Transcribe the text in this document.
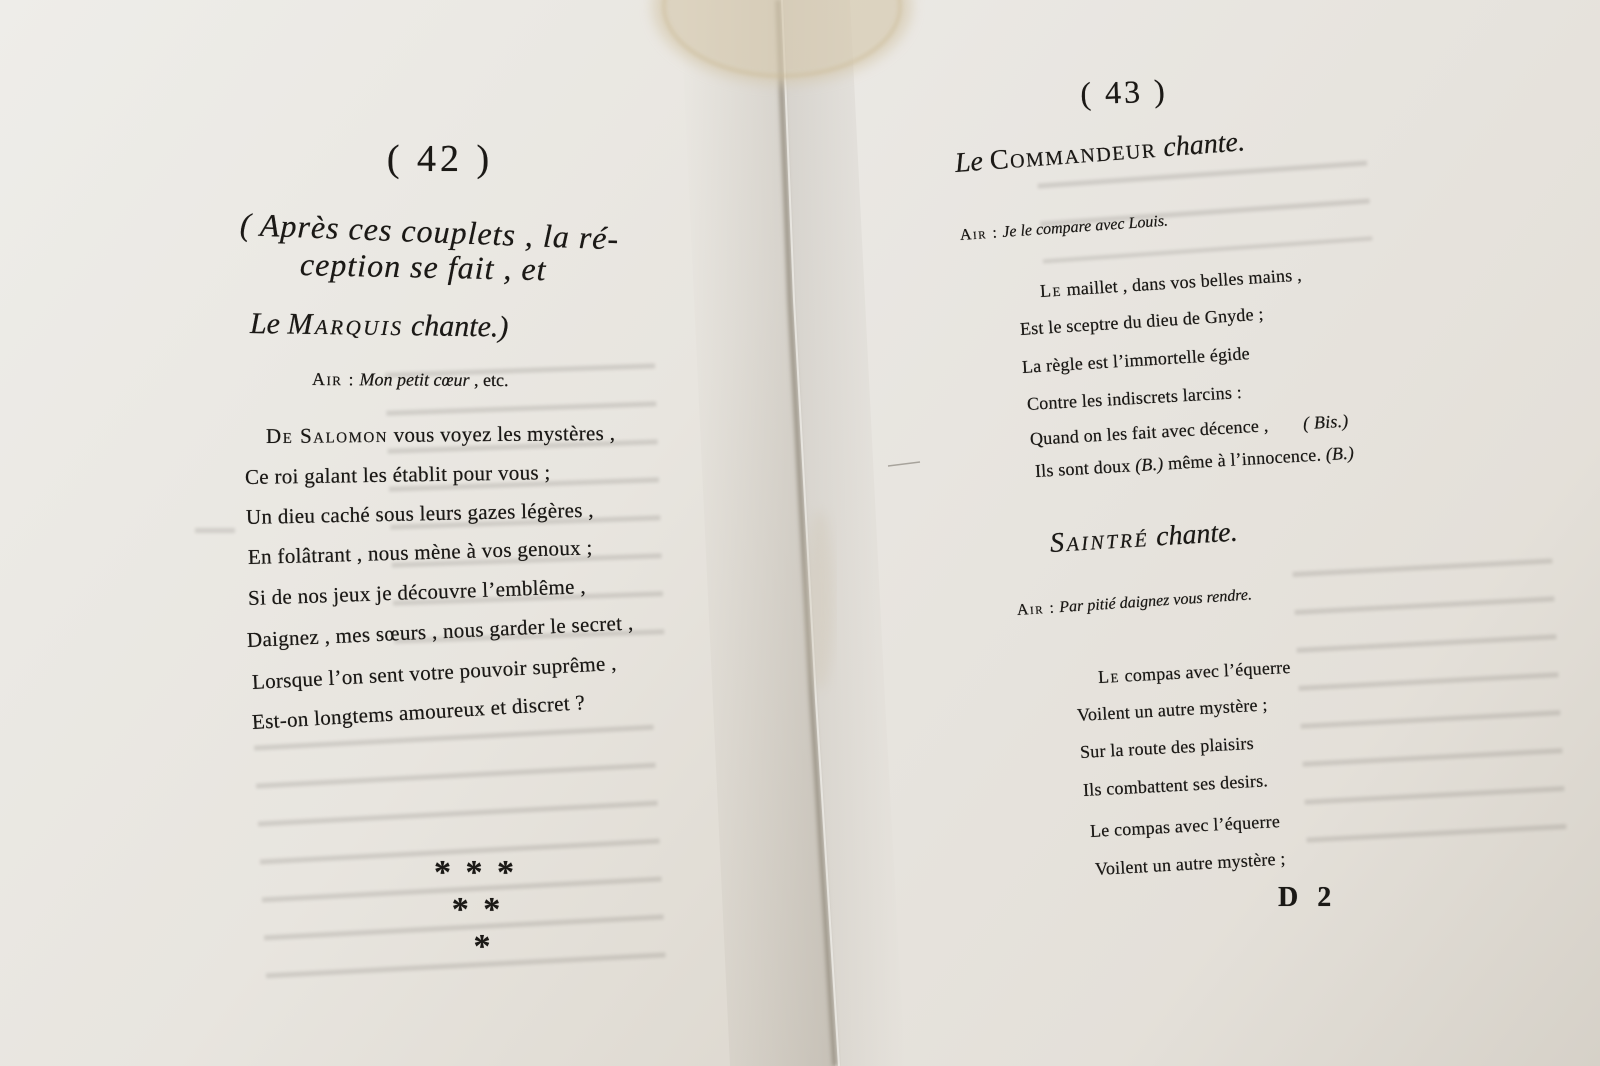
( 42 )
( Après ces couplets , la ré-
ception se fait , et
Le Marquis chante.)
Air : Mon petit cœur , etc.
De Salomon vous voyez les mystères ,
Ce roi galant les établit pour vous ;
Un dieu caché sous leurs gazes légères ,
En folâtrant , nous mène à vos genoux ;
Si de nos jeux je découvre l’emblême ,
Daignez , mes sœurs , nous garder le secret ,
Lorsque l’on sent votre pouvoir suprême ,
Est-on longtems amoureux et discret ?
* * *
* *
*
( 43 )
Le Commandeur chante.
Air : Je le compare avec Louis.
Le maillet , dans vos belles mains ,
Est le sceptre du dieu de Gnyde ;
La règle est l’immortelle égide
Contre les indiscrets larcins :
Quand on les fait avec décence , ( Bis.)
Ils sont doux (B.) même à l’innocence. (B.)
Saintré chante.
Air : Par pitié daignez vous rendre.
Le compas avec l’équerre
Voilent un autre mystère ;
Sur la route des plaisirs
Ils combattent ses desirs.
Le compas avec l’équerre
Voilent un autre mystère ;
D 2
